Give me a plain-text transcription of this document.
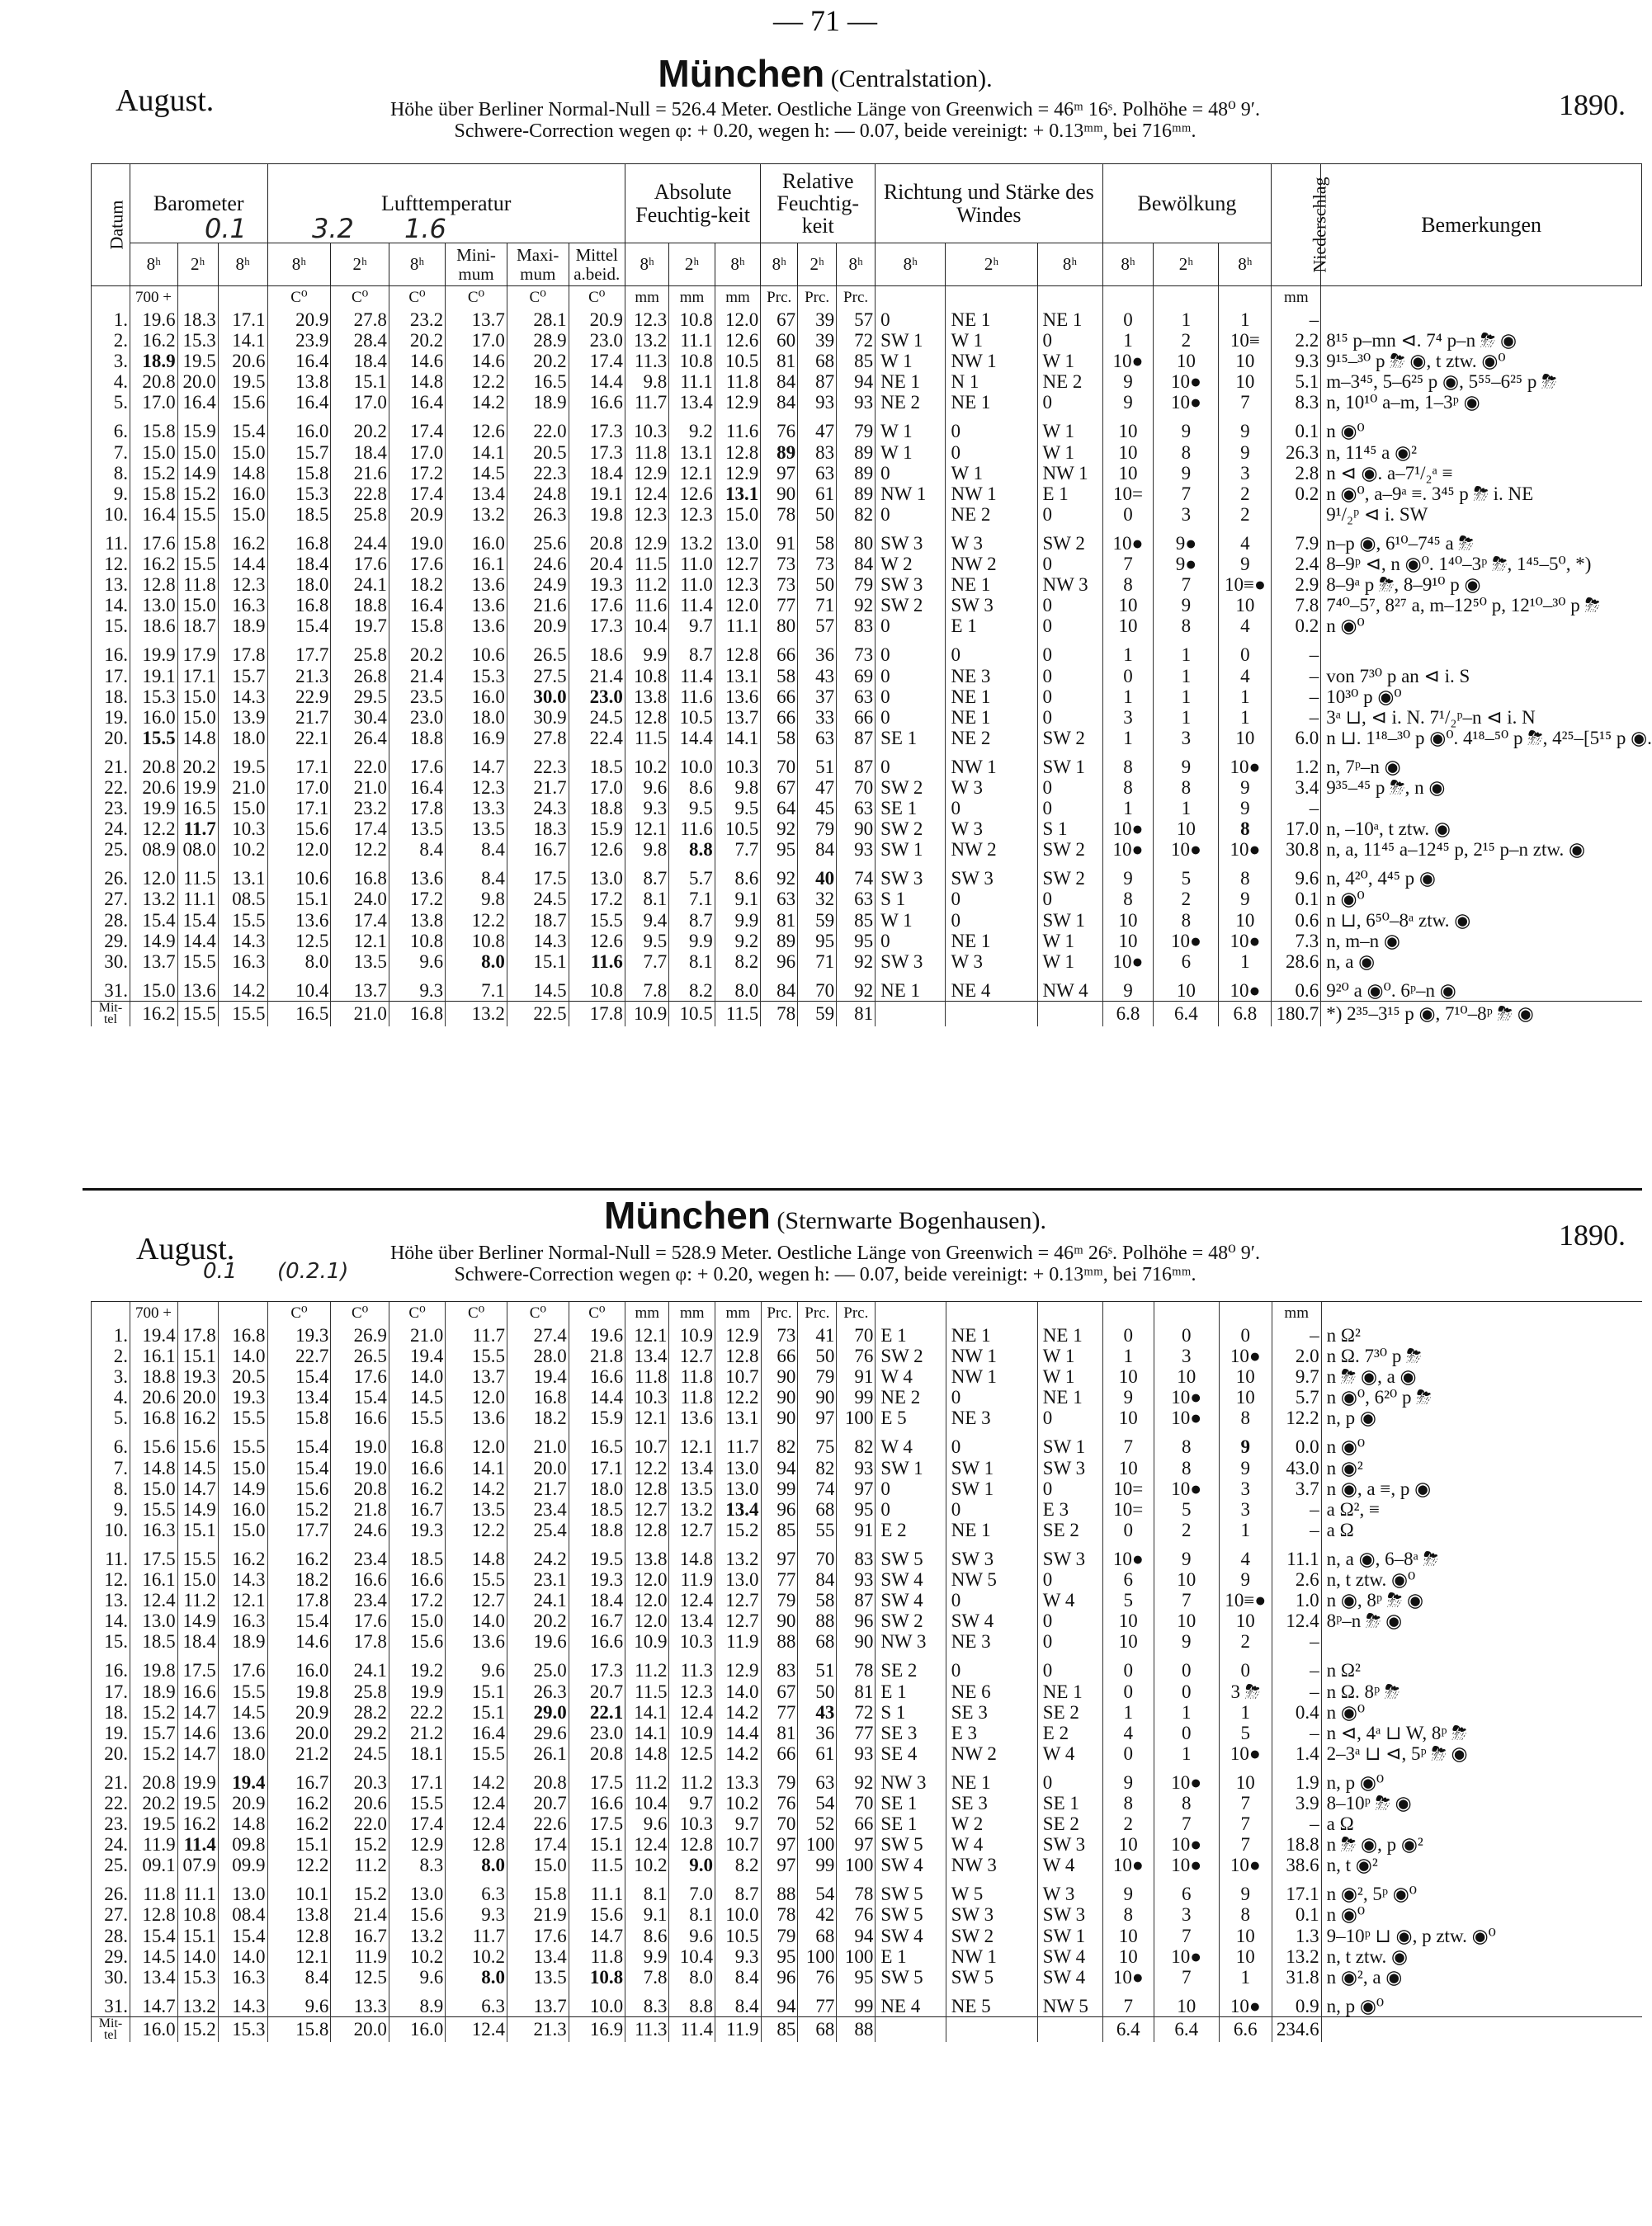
— 71 —
August.
München (Centralstation).
1890.
Höhe über Berliner Normal-Null = 526.4 Meter. Oestliche Länge von Greenwich = 46ᵐ 16ˢ. Polhöhe = 48⁰ 9′.
Schwere-Correction wegen φ: + 0.20, wegen h: — 0.07, beide vereinigt: + 0.13ᵐᵐ, bei 716ᵐᵐ.
0.1 3.2 1.6
Datum	Barometer			Lufttemperatur						Absolute Feuchtig-keit			Relative Feuchtig-keit			Richtung und Stärke des Windes			Bewölkung			Niederschlag	Bemerkungen
	8ʰ	2ʰ	8ʰ	8ʰ	2ʰ	8ʰ	Mini-mum	Maxi-mum	Mittel a.beid.	8ʰ	2ʰ	8ʰ	8ʰ	2ʰ	8ʰ	8ʰ	2ʰ	8ʰ	8ʰ	2ʰ	8ʰ		
	700 +			C⁰	C⁰	C⁰	C⁰	C⁰	C⁰	mm	mm	mm	Prc.	Prc.	Prc.							mm	
1.	19.6	18.3	17.1	20.9	27.8	23.2	13.7	28.1	20.9	12.3	10.8	12.0	67	39	57	0	NE 1	NE 1	0	1	1	–	
2.	16.2	15.3	14.1	23.9	28.4	20.2	17.0	28.9	23.0	13.2	11.1	12.6	60	39	72	SW 1	W 1	0	1	2	10≡	2.2	8¹⁵ p–mn ⊲. 7⁴ p–n ⛈ ◉
3.	18.9	19.5	20.6	16.4	18.4	14.6	14.6	20.2	17.4	11.3	10.8	10.5	81	68	85	W 1	NW 1	W 1	10●	10	10	9.3	9¹⁵–³⁰ p ⛈ ◉, t ztw. ◉⁰
4.	20.8	20.0	19.5	13.8	15.1	14.8	12.2	16.5	14.4	9.8	11.1	11.8	84	87	94	NE 1	N 1	NE 2	9	10●	10	5.1	m–3⁴⁵, 5–6²⁵ p ◉, 5⁵⁵–6²⁵ p ⛈
5.	17.0	16.4	15.6	16.4	17.0	16.4	14.2	18.9	16.6	11.7	13.4	12.9	84	93	93	NE 2	NE 1	0	9	10●	7	8.3	n, 10¹⁰ a–m, 1–3ᵖ ◉

6.	15.8	15.9	15.4	16.0	20.2	17.4	12.6	22.0	17.3	10.3	9.2	11.6	76	47	79	W 1	0	W 1	10	9	9	0.1	n ◉⁰
7.	15.0	15.0	15.0	15.7	18.4	17.0	14.1	20.5	17.3	11.8	13.1	12.8	89	83	89	W 1	0	W 1	10	8	9	26.3	n, 11⁴⁵ a ◉²
8.	15.2	14.9	14.8	15.8	21.6	17.2	14.5	22.3	18.4	12.9	12.1	12.9	97	63	89	0	W 1	NW 1	10	9	3	2.8	n ⊲ ◉. a–7¹/₂ᵃ ≡
9.	15.8	15.2	16.0	15.3	22.8	17.4	13.4	24.8	19.1	12.4	12.6	13.1	90	61	89	NW 1	NW 1	E 1	10=	7	2	0.2	n ◉⁰, a–9ᵃ ≡. 3⁴⁵ p ⛈ i. NE
10.	16.4	15.5	15.0	18.5	25.8	20.9	13.2	26.3	19.8	12.3	12.3	15.0	78	50	82	0	NE 2	0	0	3	2		9¹/₂ᵖ ⊲ i. SW

11.	17.6	15.8	16.2	16.8	24.4	19.0	16.0	25.6	20.8	12.9	13.2	13.0	91	58	80	SW 3	W 3	SW 2	10●	9●	4	7.9	n–p ◉, 6¹⁰–7⁴⁵ a ⛈
12.	16.2	15.5	14.4	18.4	17.6	17.6	16.1	24.6	20.4	11.5	11.0	12.7	73	73	84	W 2	NW 2	0	7	9●	9	2.4	8–9ᵖ ⊲, n ◉⁰. 1⁴⁰–3ᵖ ⛈, 1⁴⁵–5⁰, *)
13.	12.8	11.8	12.3	18.0	24.1	18.2	13.6	24.9	19.3	11.2	11.0	12.3	73	50	79	SW 3	NE 1	NW 3	8	7	10≡●	2.9	8–9ᵃ p ⛈, 8–9¹⁰ p ◉
14.	13.0	15.0	16.3	16.8	18.8	16.4	13.6	21.6	17.6	11.6	11.4	12.0	77	71	92	SW 2	SW 3	0	10	9	10	7.8	7⁴⁰–5⁷, 8²⁷ a, m–12⁵⁰ p, 12¹⁰–³⁰ p ⛈
15.	18.6	18.7	18.9	15.4	19.7	15.8	13.6	20.9	17.3	10.4	9.7	11.1	80	57	83	0	E 1	0	10	8	4	0.2	n ◉⁰

16.	19.9	17.9	17.8	17.7	25.8	20.2	10.6	26.5	18.6	9.9	8.7	12.8	66	36	73	0	0	0	1	1	0	–	
17.	19.1	17.1	15.7	21.3	26.8	21.4	15.3	27.5	21.4	10.8	11.4	13.1	58	43	69	0	NE 3	0	0	1	4	–	von 7³⁰ p an ⊲ i. S
18.	15.3	15.0	14.3	22.9	29.5	23.5	16.0	30.0	23.0	13.8	11.6	13.6	66	37	63	0	NE 1	0	1	1	1	–	10³⁰ p ◉⁰
19.	16.0	15.0	13.9	21.7	30.4	23.0	18.0	30.9	24.5	12.8	10.5	13.7	66	33	66	0	NE 1	0	3	1	1	–	3ᵃ ⊔, ⊲ i. N. 7¹/₂ᵖ–n ⊲ i. N
20.	15.5	14.8	18.0	22.1	26.4	18.8	16.9	27.8	22.4	11.5	14.4	14.1	58	63	87	SE 1	NE 2	SW 2	1	3	10	6.0	n ⊔. 1¹⁸–³⁰ p ◉⁰. 4¹⁸–⁵⁰ p ⛈, 4²⁵–[5¹⁵ p ◉.

21.	20.8	20.2	19.5	17.1	22.0	17.6	14.7	22.3	18.5	10.2	10.0	10.3	70	51	87	0	NW 1	SW 1	8	9	10●	1.2	n, 7ᵖ–n ◉
22.	20.6	19.9	21.0	17.0	21.0	16.4	12.3	21.7	17.0	9.6	8.6	9.8	67	47	70	SW 2	W 3	0	8	8	9	3.4	9³⁵–⁴⁵ p ⛈, n ◉
23.	19.9	16.5	15.0	17.1	23.2	17.8	13.3	24.3	18.8	9.3	9.5	9.5	64	45	63	SE 1	0	0	1	1	9	–	
24.	12.2	11.7	10.3	15.6	17.4	13.5	13.5	18.3	15.9	12.1	11.6	10.5	92	79	90	SW 2	W 3	S 1	10●	10	8	17.0	n, –10ᵃ, t ztw. ◉
25.	08.9	08.0	10.2	12.0	12.2	8.4	8.4	16.7	12.6	9.8	8.8	7.7	95	84	93	SW 1	NW 2	SW 2	10●	10●	10●	30.8	n, a, 11⁴⁵ a–12⁴⁵ p, 2¹⁵ p–n ztw. ◉

26.	12.0	11.5	13.1	10.6	16.8	13.6	8.4	17.5	13.0	8.7	5.7	8.6	92	40	74	SW 3	SW 3	SW 2	9	5	8	9.6	n, 4²⁰, 4⁴⁵ p ◉
27.	13.2	11.1	08.5	15.1	24.0	17.2	9.8	24.5	17.2	8.1	7.1	9.1	63	32	63	S 1	0	0	8	2	9	0.1	n ◉⁰
28.	15.4	15.4	15.5	13.6	17.4	13.8	12.2	18.7	15.5	9.4	8.7	9.9	81	59	85	W 1	0	SW 1	10	8	10	0.6	n ⊔, 6⁵⁰–8ᵃ ztw. ◉
29.	14.9	14.4	14.3	12.5	12.1	10.8	10.8	14.3	12.6	9.5	9.9	9.2	89	95	95	0	NE 1	W 1	10	10●	10●	7.3	n, m–n ◉
30.	13.7	15.5	16.3	8.0	13.5	9.6	8.0	15.1	11.6	7.7	8.1	8.2	96	71	92	SW 3	W 3	W 1	10●	6	1	28.6	n, a ◉

31.	15.0	13.6	14.2	10.4	13.7	9.3	7.1	14.5	10.8	7.8	8.2	8.0	84	70	92	NE 1	NE 4	NW 4	9	10	10●	0.6	9²⁰ a ◉⁰. 6ᵖ–n ◉
Mit-tel	16.2	15.5	15.5	16.5	21.0	16.8	13.2	22.5	17.8	10.9	10.5	11.5	78	59	81				6.8	6.4	6.8	180.7	*) 2³⁵–3¹⁵ p ◉, 7¹⁰–8ᵖ ⛈ ◉
München (Sternwarte Bogenhausen).
August.	1890.
Höhe über Berliner Normal-Null = 528.9 Meter. Oestliche Länge von Greenwich = 46ᵐ 26ˢ. Polhöhe = 48⁰ 9′.
Schwere-Correction wegen φ: + 0.20, wegen h: — 0.07, beide vereinigt: + 0.13ᵐᵐ, bei 716ᵐᵐ.
0.1 (0.2.1)
	700 +			C⁰	C⁰	C⁰	C⁰	C⁰	C⁰	mm	mm	mm	Prc.	Prc.	Prc.							mm	
1.	19.4	17.8	16.8	19.3	26.9	21.0	11.7	27.4	19.6	12.1	10.9	12.9	73	41	70	E 1	NE 1	NE 1	0	0	0	–	n Ω²
2.	16.1	15.1	14.0	22.7	26.5	19.4	15.5	28.0	21.8	13.4	12.7	12.8	66	50	76	SW 2	NW 1	W 1	1	3	10●	2.0	n Ω. 7³⁰ p ⛈
3.	18.8	19.3	20.5	15.4	17.6	14.0	13.7	19.4	16.6	11.8	11.8	10.7	90	79	91	W 4	NW 1	W 1	10	10	10	9.7	n ⛈ ◉, a ◉
4.	20.6	20.0	19.3	13.4	15.4	14.5	12.0	16.8	14.4	10.3	11.8	12.2	90	90	99	NE 2	0	NE 1	9	10●	10	5.7	n ◉⁰, 6²⁰ p ⛈
5.	16.8	16.2	15.5	15.8	16.6	15.5	13.6	18.2	15.9	12.1	13.6	13.1	90	97	100	E 5	NE 3	0	10	10●	8	12.2	n, p ◉

6.	15.6	15.6	15.5	15.4	19.0	16.8	12.0	21.0	16.5	10.7	12.1	11.7	82	75	82	W 4	0	SW 1	7	8	9	0.0	n ◉⁰
7.	14.8	14.5	15.0	15.4	19.0	16.6	14.1	20.0	17.1	12.2	13.4	13.0	94	82	93	SW 1	SW 1	SW 3	10	8	9	43.0	n ◉²
8.	15.0	14.7	14.9	15.6	20.8	16.2	14.2	21.7	18.0	12.8	13.5	13.0	99	74	97	0	SW 1	0	10=	10●	3	3.7	n ◉, a ≡, p ◉
9.	15.5	14.9	16.0	15.2	21.8	16.7	13.5	23.4	18.5	12.7	13.2	13.4	96	68	95	0	0	E 3	10=	5	3	–	a Ω², ≡
10.	16.3	15.1	15.0	17.7	24.6	19.3	12.2	25.4	18.8	12.8	12.7	15.2	85	55	91	E 2	NE 1	SE 2	0	2	1	–	a Ω

11.	17.5	15.5	16.2	16.2	23.4	18.5	14.8	24.2	19.5	13.8	14.8	13.2	97	70	83	SW 5	SW 3	SW 3	10●	9	4	11.1	n, a ◉, 6–8ᵃ ⛈
12.	16.1	15.0	14.3	18.2	16.6	16.6	15.5	23.1	19.3	12.0	11.9	13.0	77	84	93	SW 4	NW 5	0	6	10	9	2.6	n, t ztw. ◉⁰
13.	12.4	11.2	12.1	17.8	23.4	17.2	12.7	24.1	18.4	12.0	12.4	12.7	79	58	87	SW 4	0	W 4	5	7	10≡●	1.0	n ◉, 8ᵖ ⛈ ◉
14.	13.0	14.9	16.3	15.4	17.6	15.0	14.0	20.2	16.7	12.0	13.4	12.7	90	88	96	SW 2	SW 4	0	10	10	10	12.4	8ᵖ–n ⛈ ◉
15.	18.5	18.4	18.9	14.6	17.8	15.6	13.6	19.6	16.6	10.9	10.3	11.9	88	68	90	NW 3	NE 3	0	10	9	2	–	

16.	19.8	17.5	17.6	16.0	24.1	19.2	9.6	25.0	17.3	11.2	11.3	12.9	83	51	78	SE 2	0	0	0	0	0	–	n Ω²
17.	18.9	16.6	15.5	19.8	25.8	19.9	15.1	26.3	20.7	11.5	12.3	14.0	67	50	81	E 1	NE 6	NE 1	0	0	3 ⛈	–	n Ω. 8ᵖ ⛈
18.	15.2	14.7	14.5	20.9	28.2	22.2	15.1	29.0	22.1	14.1	12.4	14.2	77	43	72	S 1	SE 3	SE 2	1	1	1	0.4	n ◉⁰
19.	15.7	14.6	13.6	20.0	29.2	21.2	16.4	29.6	23.0	14.1	10.9	14.4	81	36	77	SE 3	E 3	E 2	4	0	5	–	n ⊲, 4ᵃ ⊔ W, 8ᵖ ⛈
20.	15.2	14.7	18.0	21.2	24.5	18.1	15.5	26.1	20.8	14.8	12.5	14.2	66	61	93	SE 4	NW 2	W 4	0	1	10●	1.4	2–3ᵃ ⊔ ⊲, 5ᵖ ⛈ ◉

21.	20.8	19.9	19.4	16.7	20.3	17.1	14.2	20.8	17.5	11.2	11.2	13.3	79	63	92	NW 3	NE 1	0	9	10●	10	1.9	n, p ◉⁰
22.	20.2	19.5	20.9	16.2	20.6	15.5	12.4	20.7	16.6	10.4	9.7	10.2	76	54	70	SE 1	SE 3	SE 1	8	8	7	3.9	8–10ᵖ ⛈ ◉
23.	19.5	16.2	14.8	16.2	22.0	17.4	12.4	22.6	17.5	9.6	10.3	9.7	70	52	66	SE 1	W 2	SE 2	2	7	7	–	a Ω
24.	11.9	11.4	09.8	15.1	15.2	12.9	12.8	17.4	15.1	12.4	12.8	10.7	97	100	97	SW 5	W 4	SW 3	10	10●	7	18.8	n ⛈ ◉, p ◉²
25.	09.1	07.9	09.9	12.2	11.2	8.3	8.0	15.0	11.5	10.2	9.0	8.2	97	99	100	SW 4	NW 3	W 4	10●	10●	10●	38.6	n, t ◉²

26.	11.8	11.1	13.0	10.1	15.2	13.0	6.3	15.8	11.1	8.1	7.0	8.7	88	54	78	SW 5	W 5	W 3	9	6	9	17.1	n ◉², 5ᵖ ◉⁰
27.	12.8	10.8	08.4	13.8	21.4	15.6	9.3	21.9	15.6	9.1	8.1	10.0	78	42	76	SW 5	SW 3	SW 3	8	3	8	0.1	n ◉⁰
28.	15.4	15.1	15.4	12.8	16.7	13.2	11.7	17.6	14.7	8.6	9.6	10.5	79	68	94	SW 4	SW 2	SW 1	10	7	10	1.3	9–10ᵖ ⊔ ◉, p ztw. ◉⁰
29.	14.5	14.0	14.0	12.1	11.9	10.2	10.2	13.4	11.8	9.9	10.4	9.3	95	100	100	E 1	NW 1	SW 4	10	10●	10	13.2	n, t ztw. ◉
30.	13.4	15.3	16.3	8.4	12.5	9.6	8.0	13.5	10.8	7.8	8.0	8.4	96	76	95	SW 5	SW 5	SW 4	10●	7	1	31.8	n ◉², a ◉

31.	14.7	13.2	14.3	9.6	13.3	8.9	6.3	13.7	10.0	8.3	8.8	8.4	94	77	99	NE 4	NE 5	NW 5	7	10	10●	0.9	n, p ◉⁰
Mit-tel	16.0	15.2	15.3	15.8	20.0	16.0	12.4	21.3	16.9	11.3	11.4	11.9	85	68	88				6.4	6.4	6.6	234.6	
